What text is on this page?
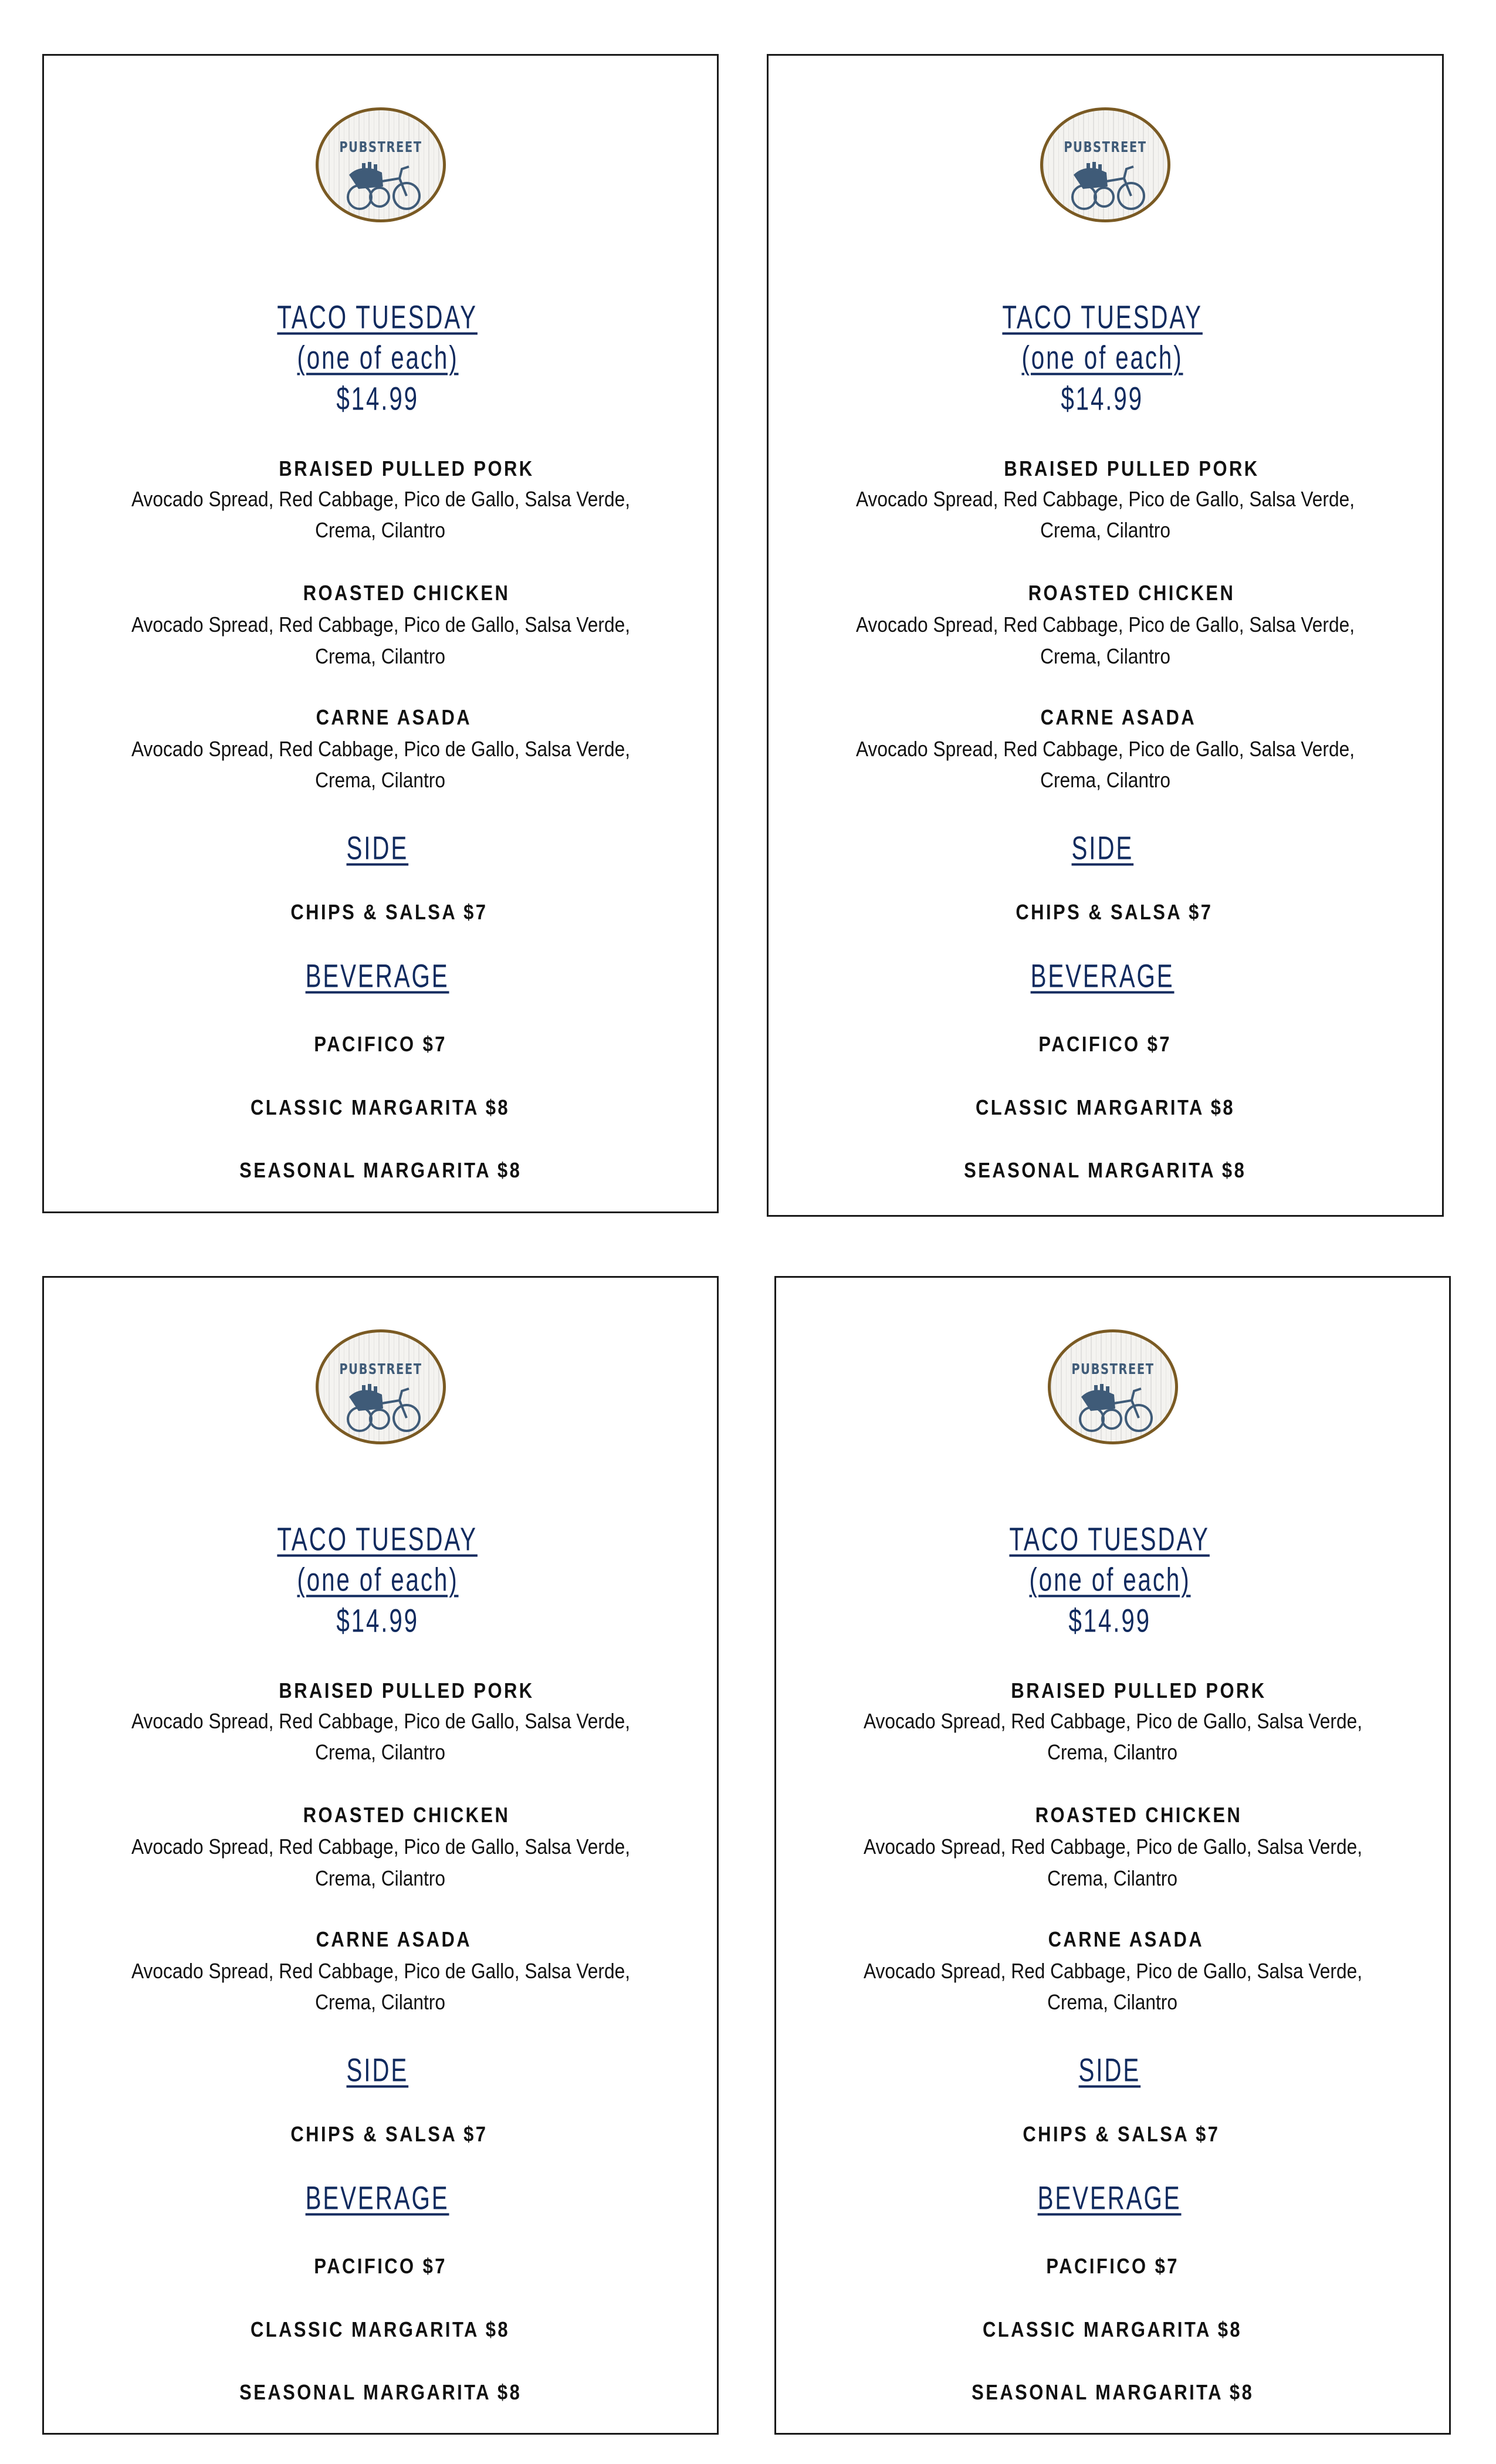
PUBSTREET
TACO TUESDAY
(one of each)
$14.99
BRAISED PULLED PORK
Avocado Spread, Red Cabbage, Pico de Gallo, Salsa Verde,
Crema, Cilantro
ROASTED CHICKEN
Avocado Spread, Red Cabbage, Pico de Gallo, Salsa Verde,
Crema, Cilantro
CARNE ASADA
Avocado Spread, Red Cabbage, Pico de Gallo, Salsa Verde,
Crema, Cilantro
SIDE
CHIPS & SALSA $7
BEVERAGE
PACIFICO $7
CLASSIC MARGARITA $8
SEASONAL MARGARITA $8
PUBSTREET
TACO TUESDAY
(one of each)
$14.99
BRAISED PULLED PORK
Avocado Spread, Red Cabbage, Pico de Gallo, Salsa Verde,
Crema, Cilantro
ROASTED CHICKEN
Avocado Spread, Red Cabbage, Pico de Gallo, Salsa Verde,
Crema, Cilantro
CARNE ASADA
Avocado Spread, Red Cabbage, Pico de Gallo, Salsa Verde,
Crema, Cilantro
SIDE
CHIPS & SALSA $7
BEVERAGE
PACIFICO $7
CLASSIC MARGARITA $8
SEASONAL MARGARITA $8
PUBSTREET
TACO TUESDAY
(one of each)
$14.99
BRAISED PULLED PORK
Avocado Spread, Red Cabbage, Pico de Gallo, Salsa Verde,
Crema, Cilantro
ROASTED CHICKEN
Avocado Spread, Red Cabbage, Pico de Gallo, Salsa Verde,
Crema, Cilantro
CARNE ASADA
Avocado Spread, Red Cabbage, Pico de Gallo, Salsa Verde,
Crema, Cilantro
SIDE
CHIPS & SALSA $7
BEVERAGE
PACIFICO $7
CLASSIC MARGARITA $8
SEASONAL MARGARITA $8
PUBSTREET
TACO TUESDAY
(one of each)
$14.99
BRAISED PULLED PORK
Avocado Spread, Red Cabbage, Pico de Gallo, Salsa Verde,
Crema, Cilantro
ROASTED CHICKEN
Avocado Spread, Red Cabbage, Pico de Gallo, Salsa Verde,
Crema, Cilantro
CARNE ASADA
Avocado Spread, Red Cabbage, Pico de Gallo, Salsa Verde,
Crema, Cilantro
SIDE
CHIPS & SALSA $7
BEVERAGE
PACIFICO $7
CLASSIC MARGARITA $8
SEASONAL MARGARITA $8
